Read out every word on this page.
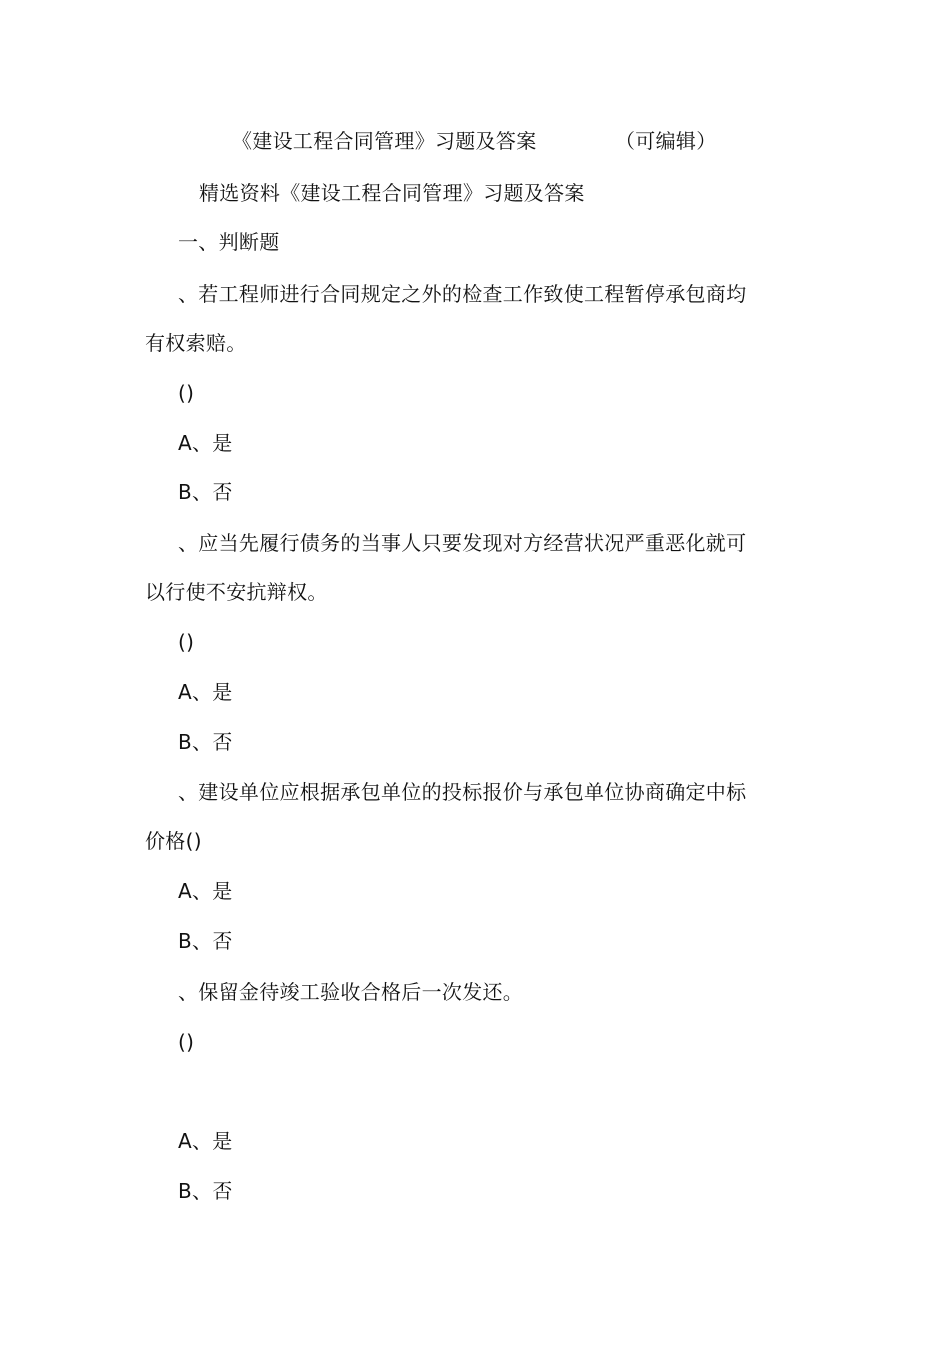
《建设工程合同管理》习题及答案	（可编辑）
精选资料《建设工程合同管理》习题及答案
一、判断题
、若工程师进行合同规定之外的检查工作致使工程暂停承包商均
有权索赔。
()
A、是
B、否
、应当先履行债务的当事人只要发现对方经营状况严重恶化就可
以行使不安抗辩权。
()
A、是
B、否
、建设单位应根据承包单位的投标报价与承包单位协商确定中标
价格()
A、是
B、否
、保留金待竣工验收合格后一次发还。
()
A、是
B、否
